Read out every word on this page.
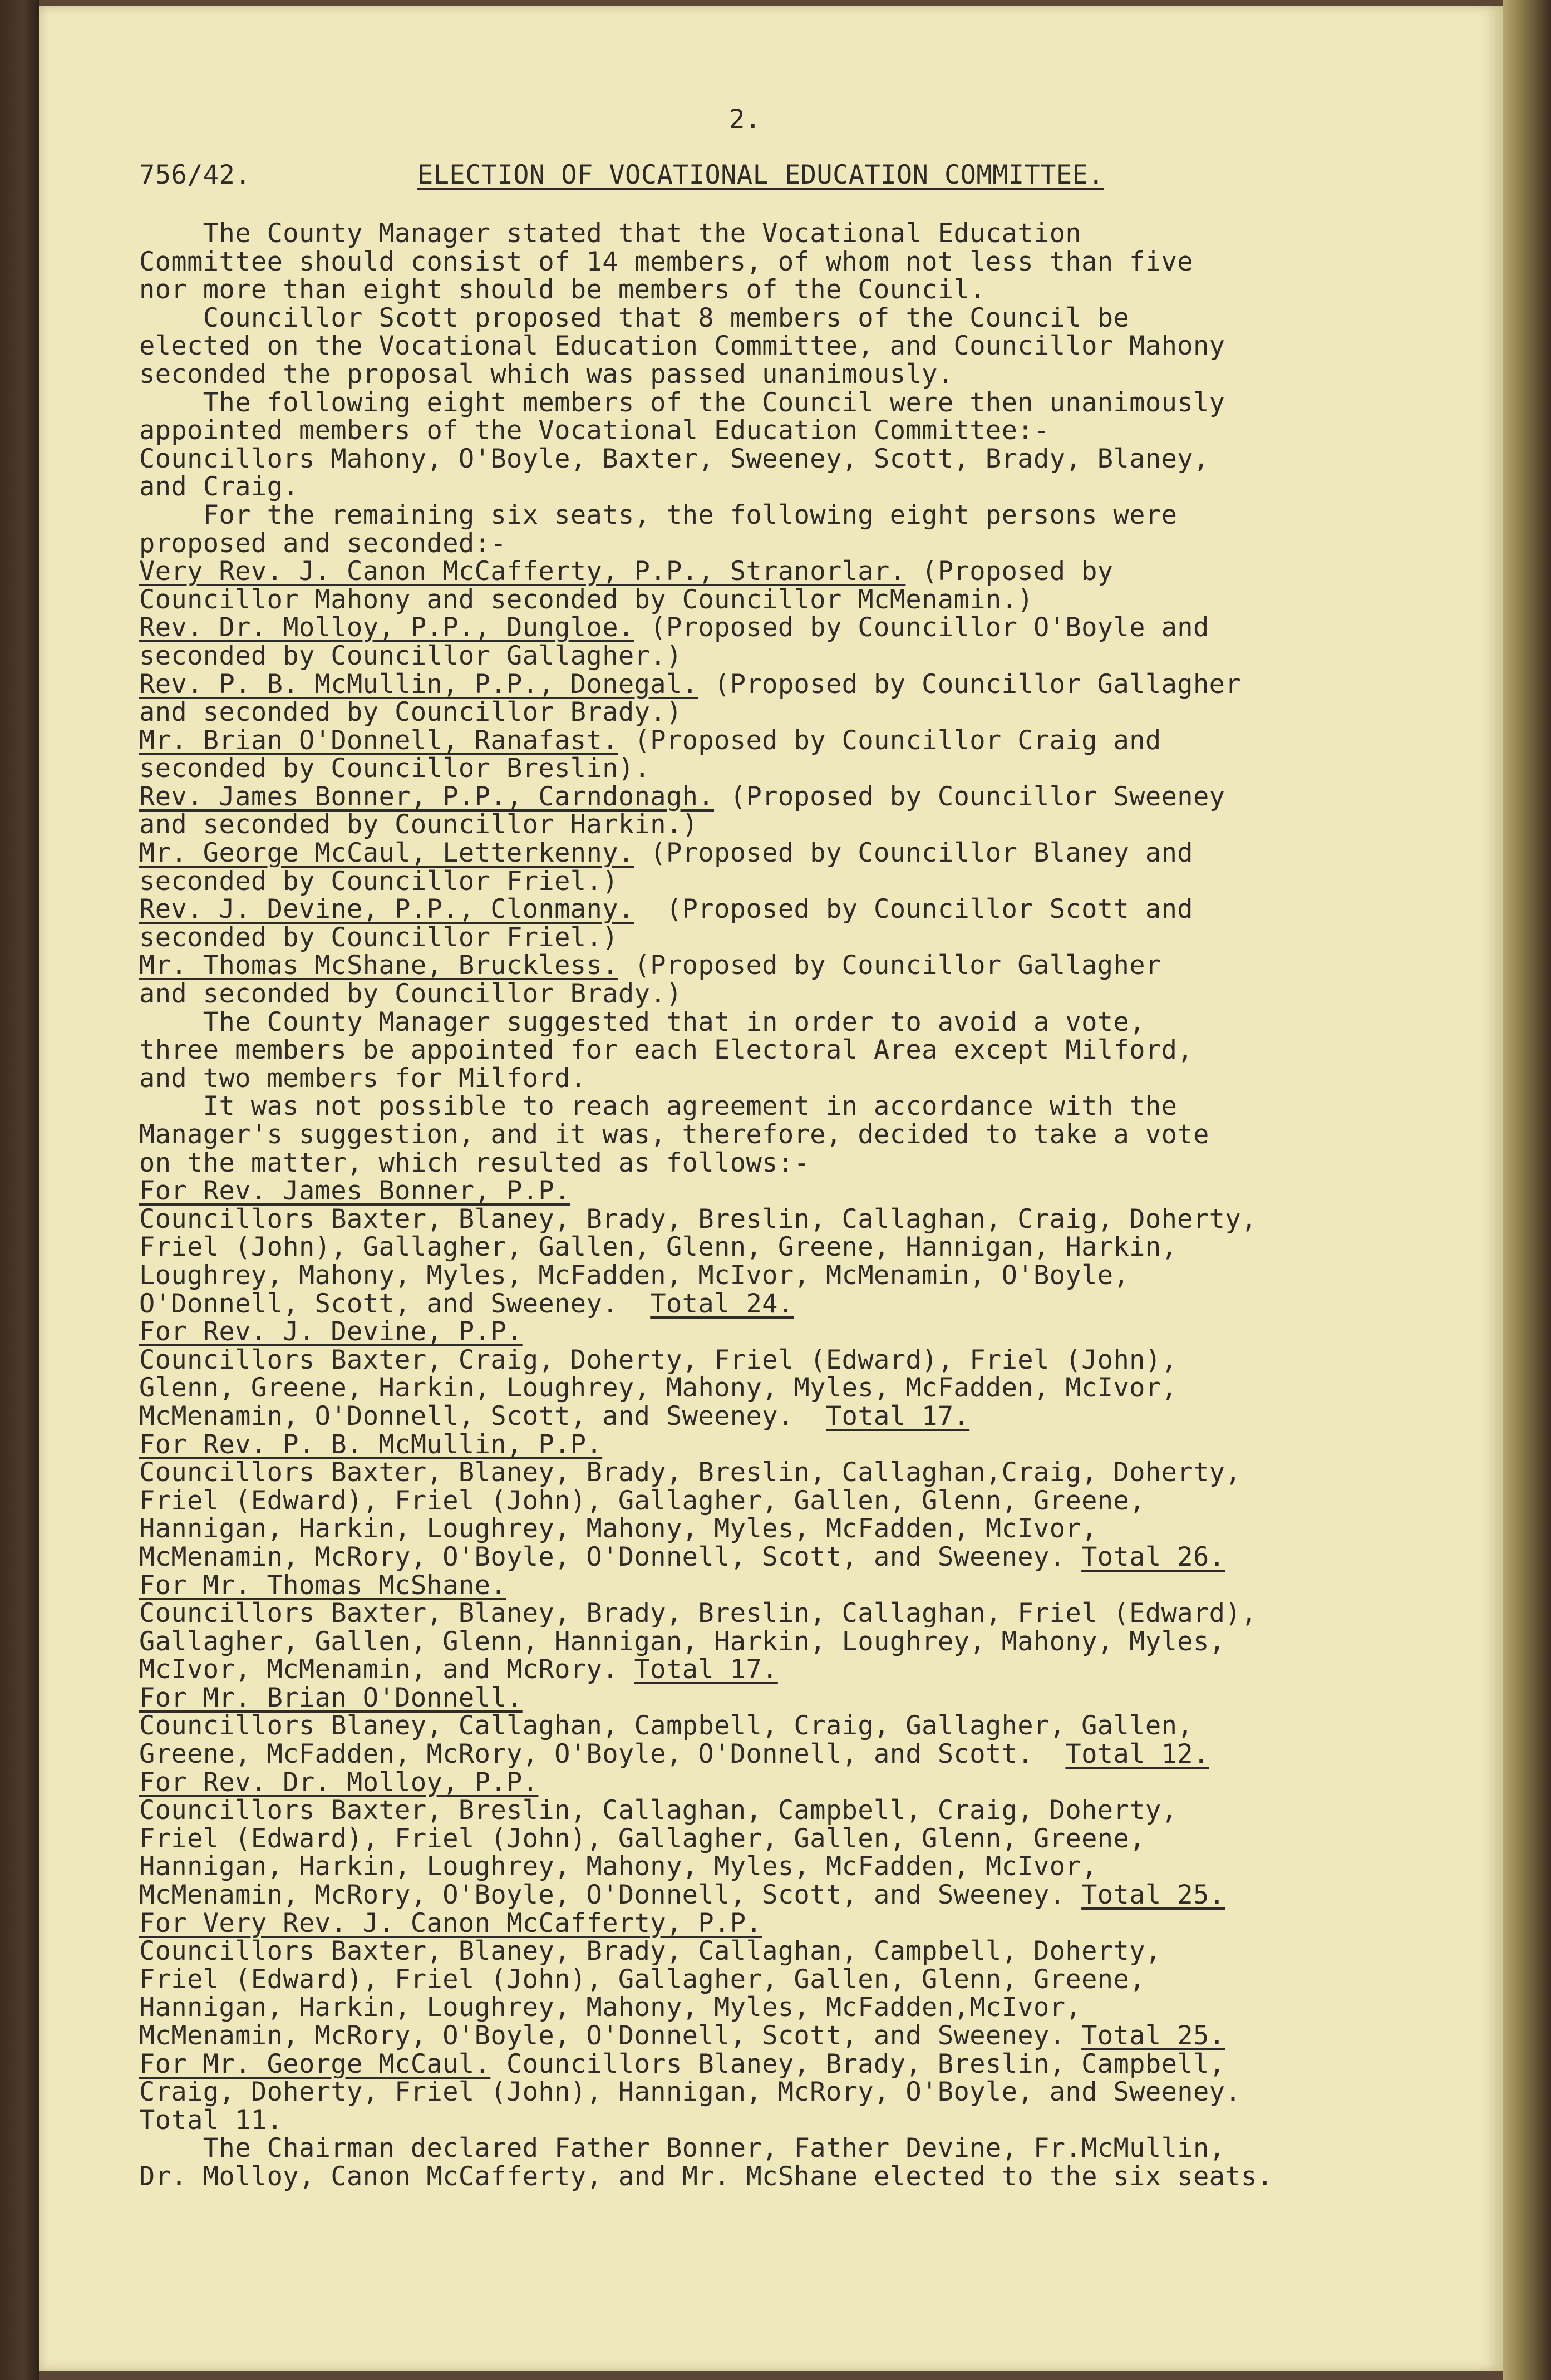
2.
756/42.	ELECTION OF VOCATIONAL EDUCATION COMMITTEE.
The County Manager stated that the Vocational Education
Committee should consist of 14 members, of whom not less than five
nor more than eight should be members of the Council.
Councillor Scott proposed that 8 members of the Council be
elected on the Vocational Education Committee, and Councillor Mahony
seconded the proposal which was passed unanimously.
The following eight members of the Council were then unanimously
appointed members of the Vocational Education Committee:-
Councillors Mahony, O'Boyle, Baxter, Sweeney, Scott, Brady, Blaney,
and Craig.
For the remaining six seats, the following eight persons were
proposed and seconded:-
Very Rev. J. Canon McCafferty, P.P., Stranorlar. (Proposed by
Councillor Mahony and seconded by Councillor McMenamin.)
Rev. Dr. Molloy, P.P., Dungloe. (Proposed by Councillor O'Boyle and
seconded by Councillor Gallagher.)
Rev. P. B. McMullin, P.P., Donegal. (Proposed by Councillor Gallagher
and seconded by Councillor Brady.)
Mr. Brian O'Donnell, Ranafast. (Proposed by Councillor Craig and
seconded by Councillor Breslin).
Rev. James Bonner, P.P., Carndonagh. (Proposed by Councillor Sweeney
and seconded by Councillor Harkin.)
Mr. George McCaul, Letterkenny. (Proposed by Councillor Blaney and
seconded by Councillor Friel.)
Rev. J. Devine, P.P., Clonmany.  (Proposed by Councillor Scott and
seconded by Councillor Friel.)
Mr. Thomas McShane, Bruckless. (Proposed by Councillor Gallagher
and seconded by Councillor Brady.)
The County Manager suggested that in order to avoid a vote,
three members be appointed for each Electoral Area except Milford,
and two members for Milford.
It was not possible to reach agreement in accordance with the
Manager's suggestion, and it was, therefore, decided to take a vote
on the matter, which resulted as follows:-
For Rev. James Bonner, P.P.
Councillors Baxter, Blaney, Brady, Breslin, Callaghan, Craig, Doherty,
Friel (John), Gallagher, Gallen, Glenn, Greene, Hannigan, Harkin,
Loughrey, Mahony, Myles, McFadden, McIvor, McMenamin, O'Boyle,
O'Donnell, Scott, and Sweeney.  Total 24.
For Rev. J. Devine, P.P.
Councillors Baxter, Craig, Doherty, Friel (Edward), Friel (John),
Glenn, Greene, Harkin, Loughrey, Mahony, Myles, McFadden, McIvor,
McMenamin, O'Donnell, Scott, and Sweeney.  Total 17.
For Rev. P. B. McMullin, P.P.
Councillors Baxter, Blaney, Brady, Breslin, Callaghan,Craig, Doherty,
Friel (Edward), Friel (John), Gallagher, Gallen, Glenn, Greene,
Hannigan, Harkin, Loughrey, Mahony, Myles, McFadden, McIvor,
McMenamin, McRory, O'Boyle, O'Donnell, Scott, and Sweeney. Total 26.
For Mr. Thomas McShane.
Councillors Baxter, Blaney, Brady, Breslin, Callaghan, Friel (Edward),
Gallagher, Gallen, Glenn, Hannigan, Harkin, Loughrey, Mahony, Myles,
McIvor, McMenamin, and McRory. Total 17.
For Mr. Brian O'Donnell.
Councillors Blaney, Callaghan, Campbell, Craig, Gallagher, Gallen,
Greene, McFadden, McRory, O'Boyle, O'Donnell, and Scott.  Total 12.
For Rev. Dr. Molloy, P.P.
Councillors Baxter, Breslin, Callaghan, Campbell, Craig, Doherty,
Friel (Edward), Friel (John), Gallagher, Gallen, Glenn, Greene,
Hannigan, Harkin, Loughrey, Mahony, Myles, McFadden, McIvor,
McMenamin, McRory, O'Boyle, O'Donnell, Scott, and Sweeney. Total 25.
For Very Rev. J. Canon McCafferty, P.P.
Councillors Baxter, Blaney, Brady, Callaghan, Campbell, Doherty,
Friel (Edward), Friel (John), Gallagher, Gallen, Glenn, Greene,
Hannigan, Harkin, Loughrey, Mahony, Myles, McFadden,McIvor,
McMenamin, McRory, O'Boyle, O'Donnell, Scott, and Sweeney. Total 25.
For Mr. George McCaul. Councillors Blaney, Brady, Breslin, Campbell,
Craig, Doherty, Friel (John), Hannigan, McRory, O'Boyle, and Sweeney.
Total 11.
The Chairman declared Father Bonner, Father Devine, Fr.McMullin,
Dr. Molloy, Canon McCafferty, and Mr. McShane elected to the six seats.
